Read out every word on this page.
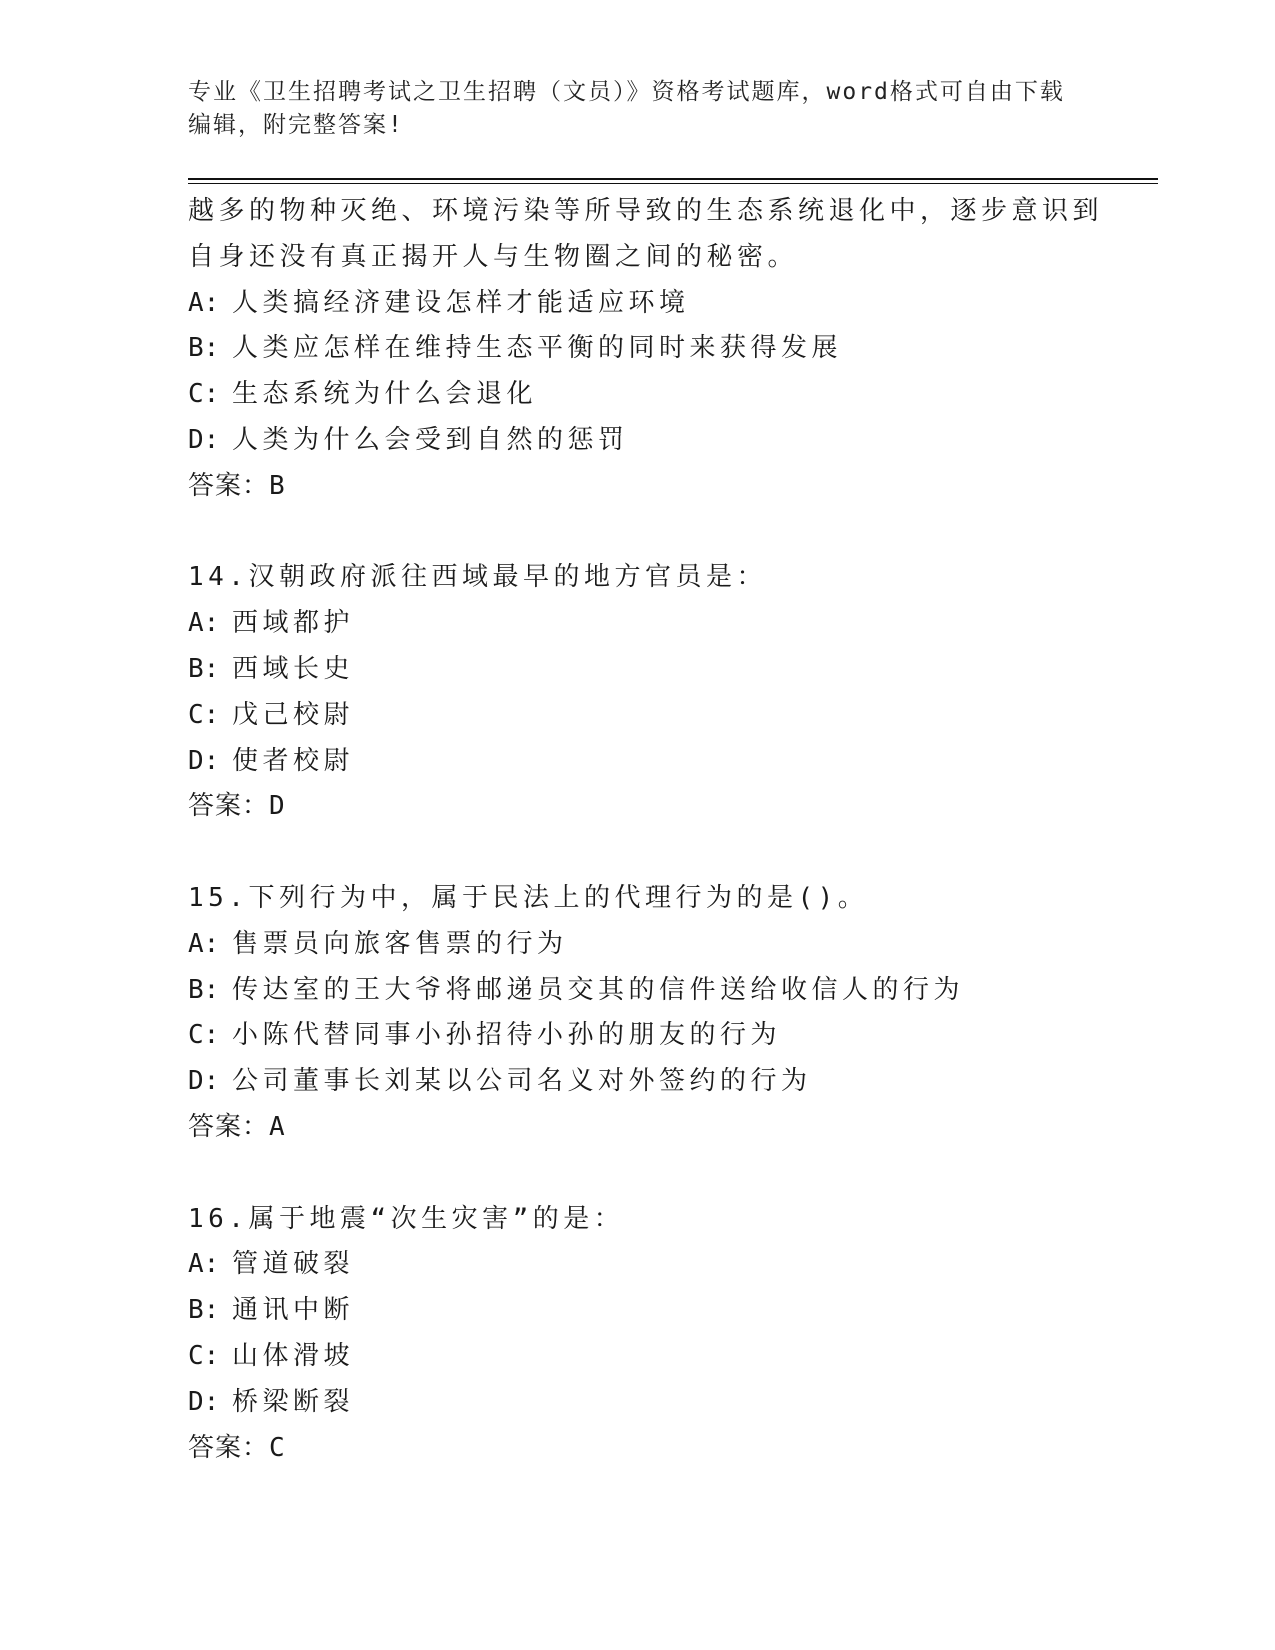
专业《卫生招聘考试之卫生招聘（文员）》资格考试题库，word格式可自由下载
编辑，附完整答案!
越多的物种灭绝、环境污染等所导致的生态系统退化中，逐步意识到
自身还没有真正揭开人与生物圈之间的秘密。
A: 人类搞经济建设怎样才能适应环境
B: 人类应怎样在维持生态平衡的同时来获得发展
C: 生态系统为什么会退化
D: 人类为什么会受到自然的惩罚
答案：B
14.汉朝政府派往西域最早的地方官员是：
A: 西域都护
B: 西域长史
C: 戊己校尉
D: 使者校尉
答案：D
15.下列行为中，属于民法上的代理行为的是()。
A: 售票员向旅客售票的行为
B: 传达室的王大爷将邮递员交其的信件送给收信人的行为
C: 小陈代替同事小孙招待小孙的朋友的行为
D: 公司董事长刘某以公司名义对外签约的行为
答案：A
16.属于地震“次生灾害”的是：
A: 管道破裂
B: 通讯中断
C: 山体滑坡
D: 桥梁断裂
答案：C
